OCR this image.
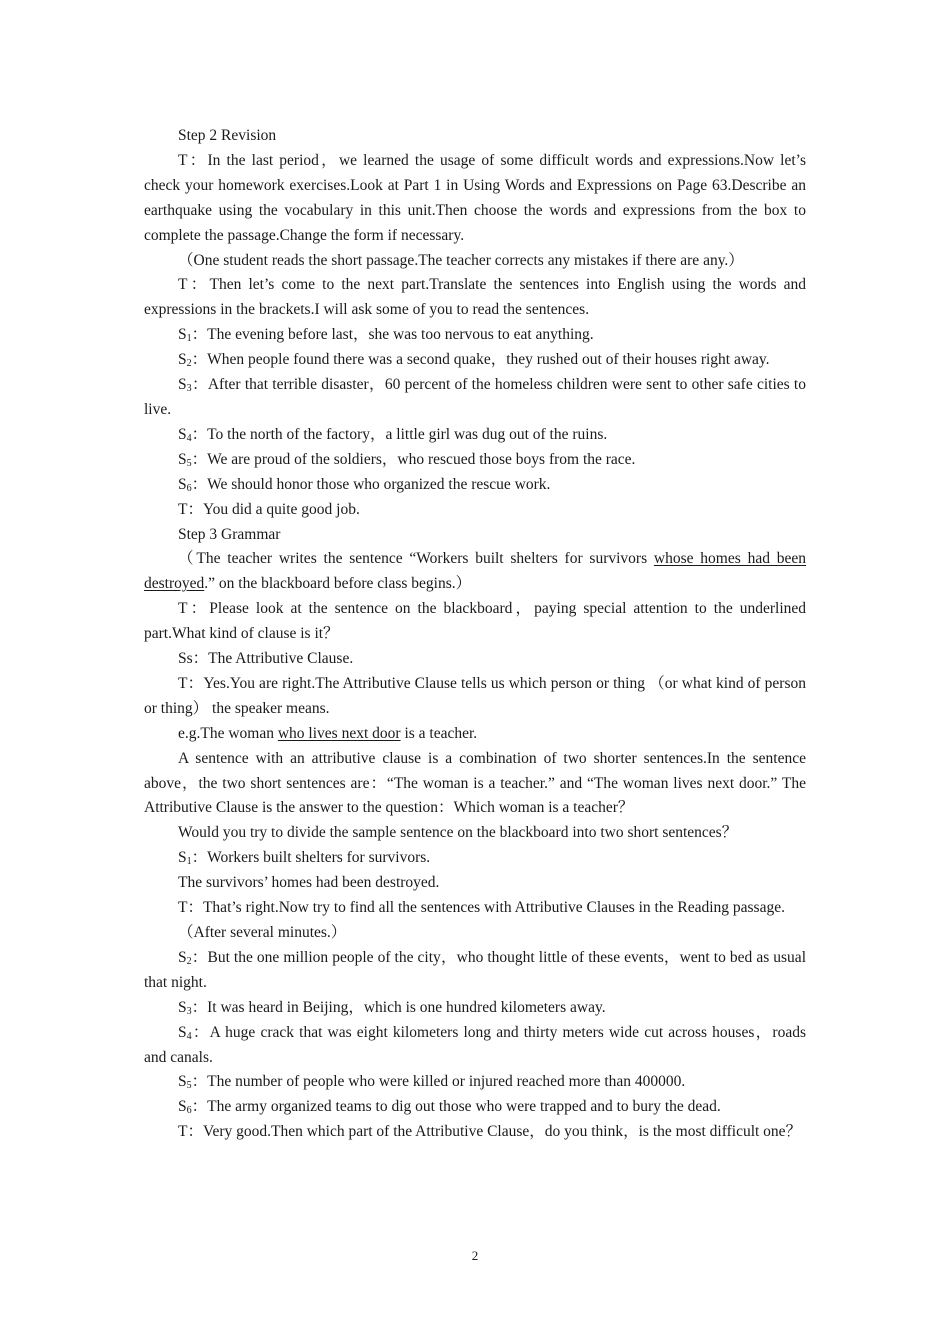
Step 2 Revision

T：In the last period，we learned the usage of some difficult words and expressions.Now let’s check your homework exercises.Look at Part 1 in Using Words and Expressions on Page 63.Describe an earthquake using the vocabulary in this unit.Then choose the words and expressions from the box to complete the passage.Change the form if necessary.

（One student reads the short passage.The teacher corrects any mistakes if there are any.）

T：Then let’s come to the next part.Translate the sentences into English using the words and expressions in the brackets.I will ask some of you to read the sentences.

$S_1$：The evening before last，she was too nervous to eat anything.

$S_2$：When people found there was a second quake，they rushed out of their houses right away.

$S_3$：After that terrible disaster，60 percent of the homeless children were sent to other safe cities to live.

$S_4$：To the north of the factory，a little girl was dug out of the ruins.

$S_5$：We are proud of the soldiers，who rescued those boys from the race.

$S_6$：We should honor those who organized the rescue work.

T：You did a quite good job.

Step 3 Grammar

（The teacher writes the sentence “Workers built shelters for survivors whose homes had been destroyed.” on the blackboard before class begins.）

T：Please look at the sentence on the blackboard，paying special attention to the underlined part.What kind of clause is it？

Ss：The Attributive Clause.

T：Yes.You are right.The Attributive Clause tells us which person or thing （or what kind of person or thing） the speaker means.

e.g.The woman who lives next door is a teacher.

A sentence with an attributive clause is a combination of two shorter sentences.In the sentence above，the two short sentences are：“The woman is a teacher.” and “The woman lives next door.” The Attributive Clause is the answer to the question：Which woman is a teacher？

Would you try to divide the sample sentence on the blackboard into two short sentences？

$S_1$：Workers built shelters for survivors.

The survivors’ homes had been destroyed.

T：That’s right.Now try to find all the sentences with Attributive Clauses in the Reading passage.

（After several minutes.）

$S_2$：But the one million people of the city，who thought little of these events，went to bed as usual that night.

$S_3$：It was heard in Beijing，which is one hundred kilometers away.

$S_4$：A huge crack that was eight kilometers long and thirty meters wide cut across houses，roads and canals.

$S_5$：The number of people who were killed or injured reached more than 400000.

$S_6$：The army organized teams to dig out those who were trapped and to bury the dead.

T：Very good.Then which part of the Attributive Clause，do you think，is the most difficult one？

2
